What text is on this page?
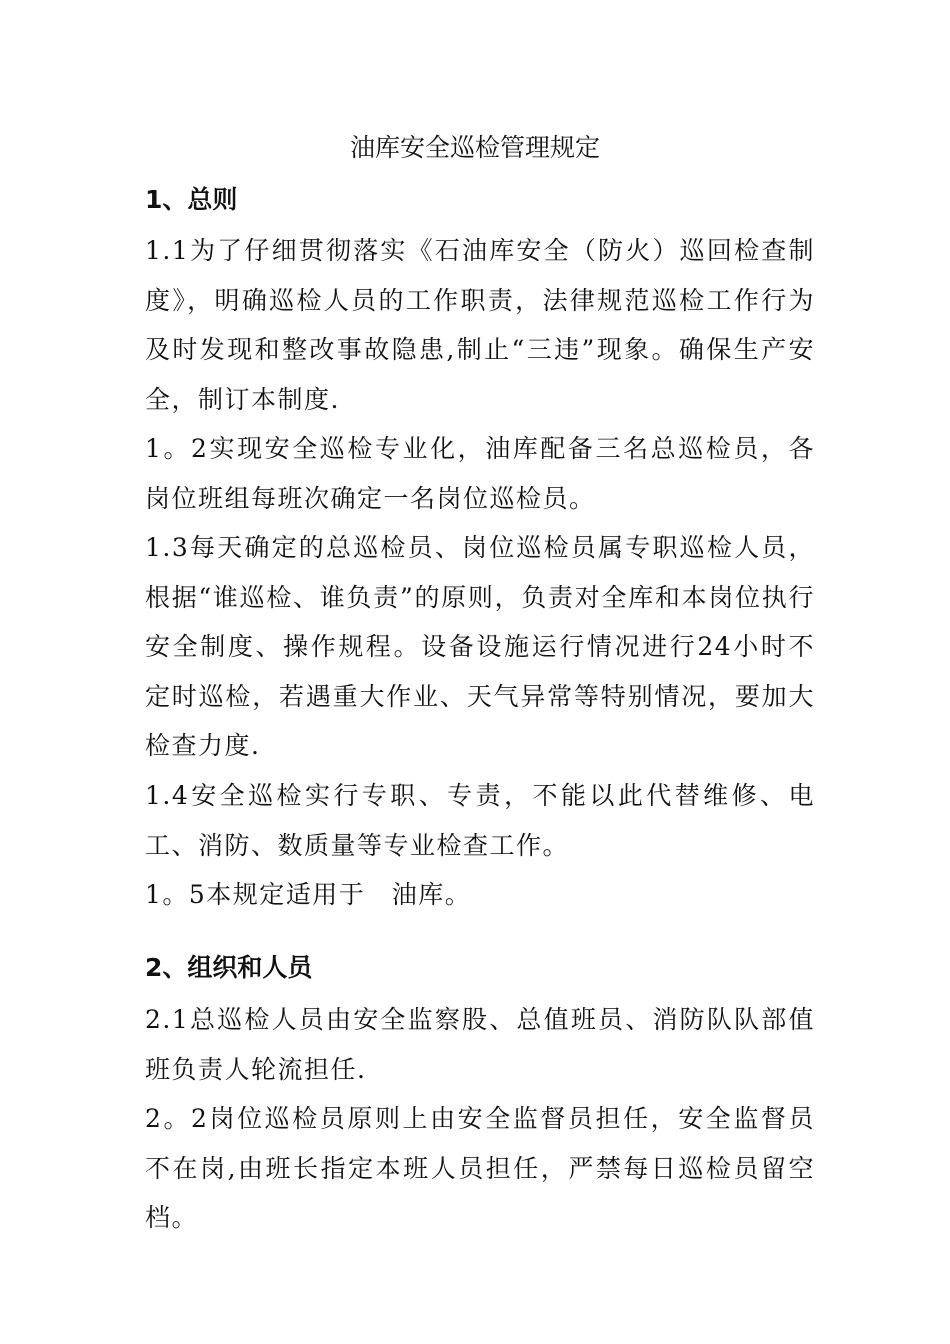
油库安全巡检管理规定
1、总则
1.1为了仔细贯彻落实《石油库安全（防火）巡回检查制度》，明确巡检人员的工作职责，法律规范巡检工作行为及时发现和整改事故隐患,制止“三违”现象。确保生产安全，制订本制度.
1。2实现安全巡检专业化，油库配备三名总巡检员，各岗位班组每班次确定一名岗位巡检员。
1.3每天确定的总巡检员、岗位巡检员属专职巡检人员，根据“谁巡检、谁负责”的原则，负责对全库和本岗位执行安全制度、操作规程。设备设施运行情况进行24小时不定时巡检，若遇重大作业、天气异常等特别情况，要加大检查力度.
1.4安全巡检实行专职、专责，不能以此代替维修、电工、消防、数质量等专业检查工作。
1。5本规定适用于　油库。
2、组织和人员
2.1总巡检人员由安全监察股、总值班员、消防队队部值班负责人轮流担任.
2。2岗位巡检员原则上由安全监督员担任，安全监督员不在岗,由班长指定本班人员担任，严禁每日巡检员留空档。
